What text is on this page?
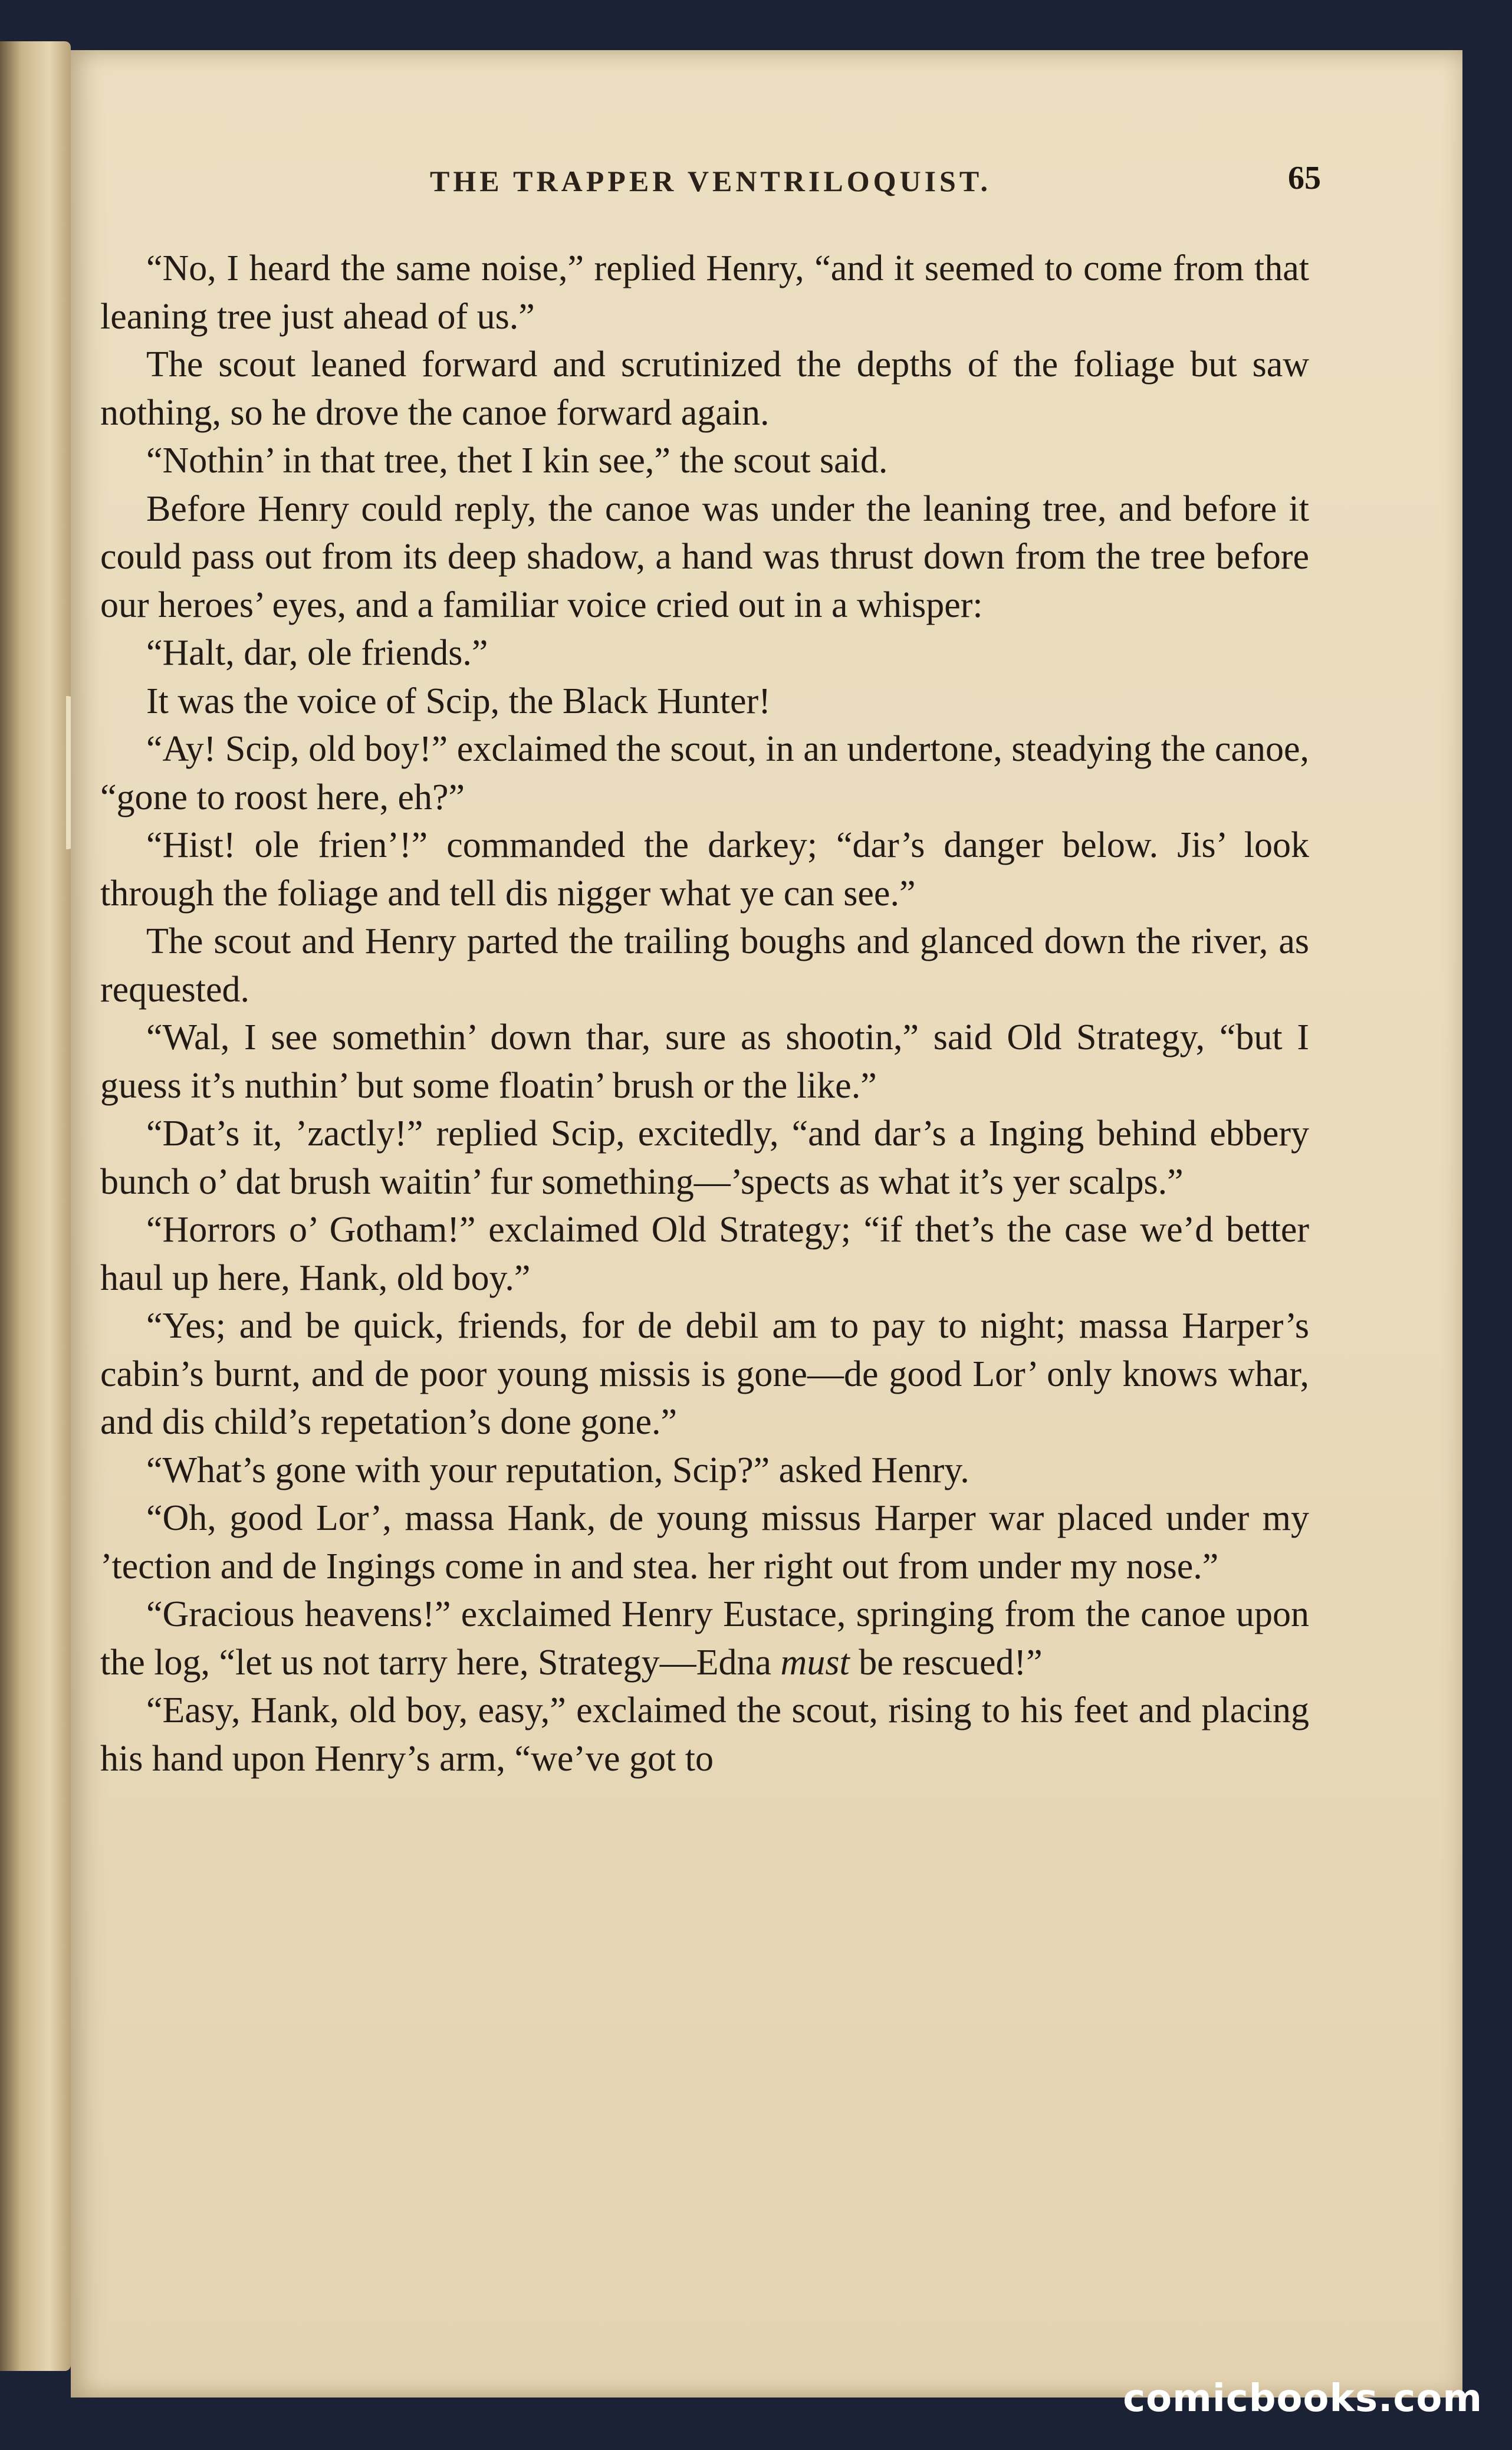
THE TRAPPER VENTRILOQUIST.	65

“No, I heard the same noise,” replied Henry, “and it seemed to come from that leaning tree just ahead of us.”

The scout leaned forward and scrutinized the depths of the foliage but saw nothing, so he drove the canoe forward again.

“Nothin’ in that tree, thet I kin see,” the scout said.

Before Henry could reply, the canoe was under the leaning tree, and before it could pass out from its deep shadow, a hand was thrust down from the tree before our heroes’ eyes, and a familiar voice cried out in a whisper:

“Halt, dar, ole friends.”

It was the voice of Scip, the Black Hunter!

“Ay! Scip, old boy!” exclaimed the scout, in an undertone, steadying the canoe, “gone to roost here, eh?”

“Hist! ole frien’!” commanded the darkey; “dar’s danger below. Jis’ look through the foliage and tell dis nigger what ye can see.”

The scout and Henry parted the trailing boughs and glanced down the river, as requested.

“Wal, I see somethin’ down thar, sure as shootin,” said Old Strategy, “but I guess it’s nuthin’ but some floatin’ brush or the like.”

“Dat’s it, ’zactly!” replied Scip, excitedly, “and dar’s a Inging behind ebbery bunch o’ dat brush waitin’ fur something—’spects as what it’s yer scalps.”

“Horrors o’ Gotham!” exclaimed Old Strategy; “if thet’s the case we’d better haul up here, Hank, old boy.”

“Yes; and be quick, friends, for de debil am to pay to night; massa Harper’s cabin’s burnt, and de poor young missis is gone—de good Lor’ only knows whar, and dis child’s repetation’s done gone.”

“What’s gone with your reputation, Scip?” asked Henry.

“Oh, good Lor’, massa Hank, de young missus Harper war placed under my ’tection and de Ingings come in and stea. her right out from under my nose.”

“Gracious heavens!” exclaimed Henry Eustace, springing from the canoe upon the log, “let us not tarry here, Strategy—Edna must be rescued!”

“Easy, Hank, old boy, easy,” exclaimed the scout, rising to his feet and placing his hand upon Henry’s arm, “we’ve got to

comicbooks.com
